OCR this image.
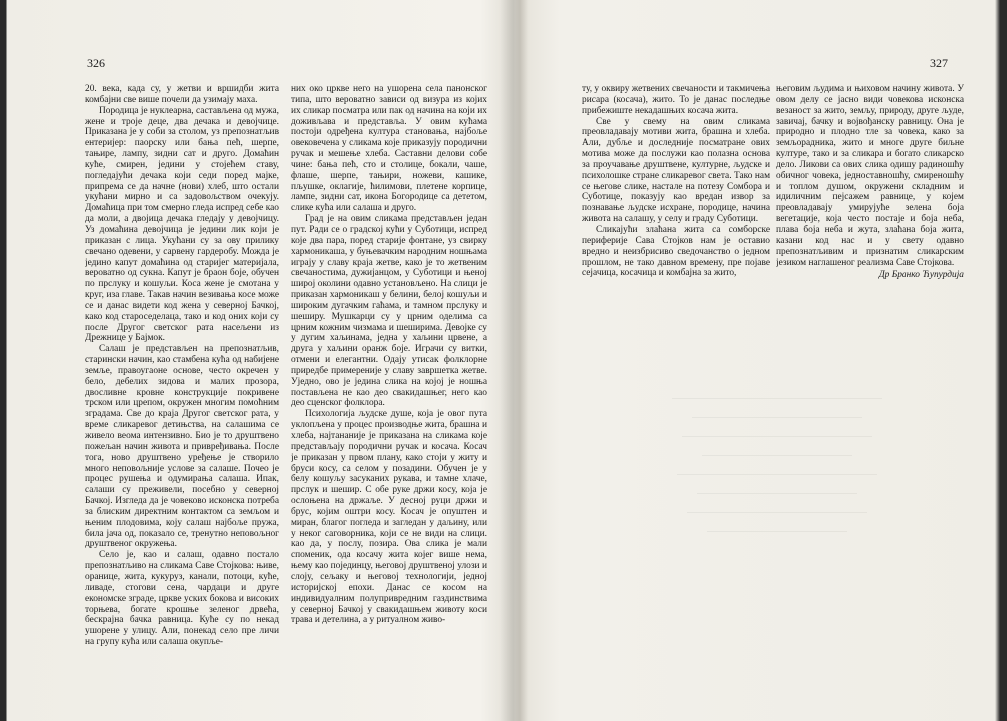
326

20. века, када су, у жетви и вршидби жита комбајни све више почели да узимају маха.

Породица је нуклеарна, састављена од мужа, жене и троје деце, два дечака и девојчице. Приказана је у соби за столом, уз препознатљив ентеријер: паорску или бања пећ, шерпе, тањире, лампу, зидни сат и друго. Домаћин кућe, смирен, једини у стојећем ставу, погледајући дечака који седи поред мајке, припрема се да начне (нови) хлеб, што остали укућани мирно и са задовољством очекују. Домаћица при том смерно гледа испред себе као да моли, а двојица дечака гледају у девојчицу. Уз домаћина девојчица је једини лик који је приказан с лица. Укућани су за ову прилику свечано одевени, у сарвeну гардеробу. Можда је једино капут домаћина од старијег материјала, вероватно од сукна. Капут је браон боје, обучен по прслуку и кошуљи. Коса жене је смотана у круг, иза главе. Такав начин везивања косе може се и данас видети код жена у северној Бачкој, како код староседелаца, тако и код оних који су после Другог светског рата насељени из Дрежнице у Бајмок.

Салаш је представљен на препознатљив, старински начин, као стамбена кућа од набијене земље, правоугаоне основе, често окречен у бело, дебелих зидова и малих прозора, двосливне кровне конструкције покривене трском или црепом, окружен многим помоћним зградама. Све до краја Другог светског рата, у време сликаревог детињства, на салашима се живело веома интензивно. Био је то друштвено пожељан начин живота и привређивања. После тога, ново друштвено уређење је створило много неповољније услове за салаше. Почео је процес рушења и одумирања салаша. Ипак, салаши су преживели, посебно у северној Бачкој. Изгледа да је човеково исконска потреба за блиским директним контактом са земљом и њеним плодовима, коју салаш најбоље пружа, била јача од, показало се, тренутно неповољног друштвеног окружења.

Село је, као и салаш, одавно постало препознатљиво на сликама Саве Стојкова: њиве, оранице, жита, кукуруз, канали, потоци, куће, ливаде, стогови сена, чардаци и друге економске зграде, цркве уских бокова и високих торњева, богате крошње зеленог дрвећа, бескрајна бачка равница. Кућe су по некад ушорене у улицу. Али, понекад село пре личи на групу кућа или салаша окупље-

них око цркве него на ушорена села панонског типа, што вероватно зависи од визура из којих их сликар посматра или пак од начина на који их доживљава и представља. У овим кућама постоји одређена култура становања, најбоље овековечена у сликама које приказују породични ручак и мешење хлеба. Саставни делови собе чине: бања пећ, сто и столице, бокали, чаше, флаше, шерпе, тањири, ножеви, кашике, пљушке, оклагије, ћилимови, плетене корпице, лампе, зидни сат, икона Богородице са дететом, слике кућа или салаша и друго.

Град је на овим сликама представљен један пут. Ради се о градској кући у Суботици, испред које два пара, поред старије фонтане, уз свирку хармоникаша, у буњевачким народним ношњама играју у славу краја жетве, како је то жетвеним свечаностима, дужијанцом, у Суботици и њеној широј околини одавно установљено. На слици је приказан хармоникаш у белини, белој кошуљи и широким дугачким гаћама, и тамном прслуку и шеширу. Мушкарци су у црним оделима са црним кожним чизмама и шеширима. Девојке су у дугим хаљинама, једна у хаљини црвене, а друга у хаљини оранж боје. Играчи су витки, отмени и елегантни. Одају утисак фолклорне приредбе примереније у славу завршетка жетве. Уједно, ово је једина слика на којој је ношња постављена не као део свакидашњег, него као део сценског фолклора.

Психологија људске душе, која је овог пута уклопљена у процес производње жита, брашна и хлеба, најтананије је приказана на сликама које представљају породични ручак и косача. Косач је приказан у првом плану, како стоји у житу и бруси косу, са селом у позадини. Обучен је у белу кошуљу засуканих рукава, и тамне хлаче, прслук и шешир. С обе руке држи косу, која је ослоњена на држаље. У десној руци држи и брус, којим оштри косу. Косач је опуштен и миран, благог погледа и загледан у даљину, или у неког саговорника, који се не види на слици. као да, у послу, позира. Ова слика је мали споменик, ода косачу жита којег више нема, њему као појединцу, његовој друштвеној улози и слоју, сељаку и његовој технологији, једној историјској епохи. Данас се косом на индивидуалним полупривредним газдинствима у северној Бачкој у свакидашњем животу коси трава и детелина, а у ритуалном живо-

327

ту, у оквиру жетвених свечаности и такмичења рисара (косача), жито. То је данас последње прибежиште некадашњих косача жита.

Све у свему на овим сликама преовладавају мотиви жита, брашна и хлеба. Али, дубље и доследније посматране ових мотива може да послужи као полазна основа за проучавање друштвене, културне, људске и психолошке стране сликаревог света. Тако нам се његове слике, настале на потезу Сомбора и Суботице, показују као вредан извор за познавање људске исхране, породице, начина живота на салашу, у селу и граду Суботици.

Сликајући злаћана жита са сомборске периферије Сава Стојков нам је оставио вредно и неизбрисиво сведочанство о једном прошлом, не тако давном времену, пре појаве сејачица, косачица и комбајна за жито,

његовим људима и њиховом начину живота. У овом делу се јасно види човекова исконска везаност за жито, земљу, природу, друге људе, завичај, бачку и војвођанску равницу. Она је природно и плодно тле за човека, како за земљорадника, жито и многе друге биљне културе, тако и за сликара и богато сликарско дело. Ликови са ових слика одишу радиношћу обичног човека, једноставношћу, смиреношћу и топлом душом, окружени складним и идиличним пејсажем равнице, у којем преовладавају умирујуће зелена боја вегетације, која често постаје и боја неба, плава боја неба и жута, злаћана боја жита, казани код нас и у свету одавно препознатљивим и признатим сликарским језиком наглашеног реализма Саве Стојкова.

Др Бранко Ћупурдија
